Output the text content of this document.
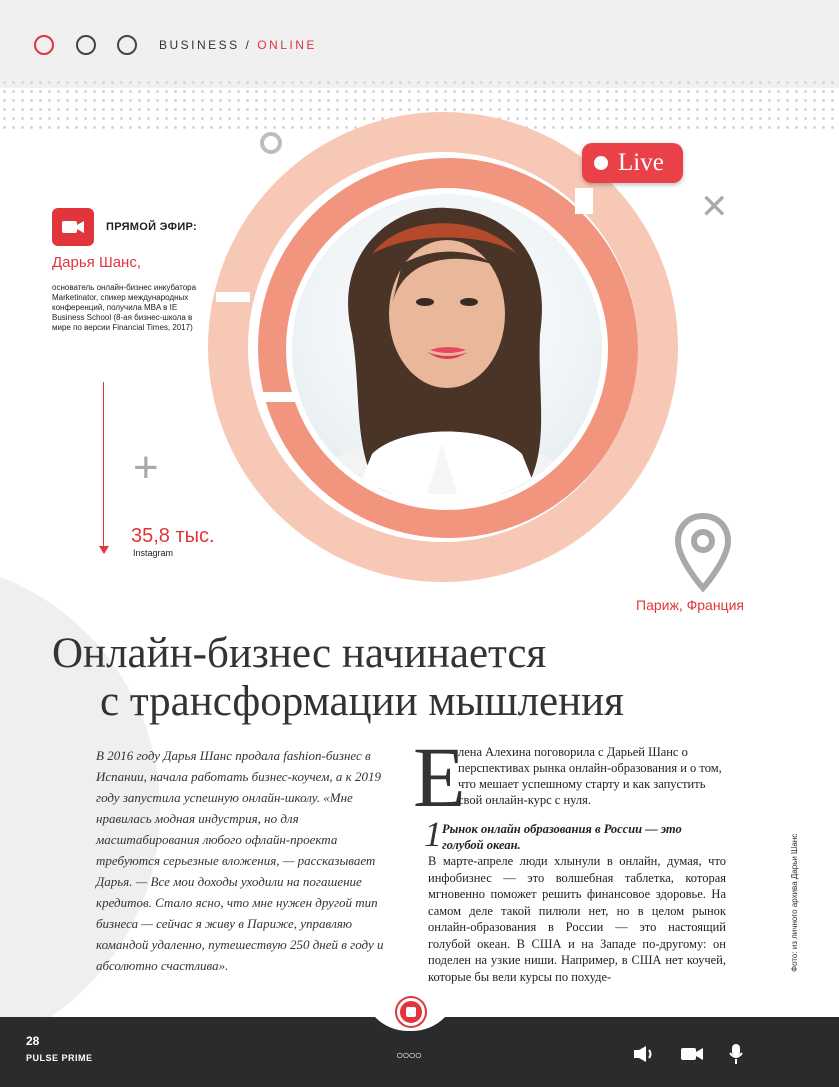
BUSINESS / ONLINE
✕
Live
ПРЯМОЙ ЭФИР:
Дарья Шанс,
основатель онлайн-бизнес инкубатора Marketinator, спикер международных конференций, получила MBA в IE Business School (8-ая бизнес-школа в мире по версии Financial Times, 2017)
+
35,8 тыс.
Instagram
Париж, Франция
Онлайн-бизнес начинается
с трансформации мышления
В 2016 году Дарья Шанс продала fashion-бизнес в Испании, начала работать бизнес-коучем, а к 2019 году запустила успешную онлайн-школу. «Мне нравилась модная индустрия, но для масштабирования любого офлайн-проекта требуются серьезные вложения, — рассказывает Дарья. — Все мои доходы уходили на погашение кредитов. Стало ясно, что мне нужен другой тип бизнеса — сейчас я живу в Париже, управляю командой удаленно, путешествую 250 дней в году и абсолютно счастлива».
Е
лена Алехина поговорила с Дарьей Шанс о перспективах рынка онлайн-образования и о том, что мешает успешному старту и как запустить свой онлайн-курс с нуля.
1 Рынок онлайн образования в России — это голубой океан.
В марте-апреле люди хлынули в онлайн, думая, что инфобизнес — это волшебная таблетка, которая мгновенно поможет решить финансовое здоровье. На самом деле такой пилюли нет, но в целом рынок онлайн-образования в России — это настоящий голубой океан. В США и на Западе по-другому: он поделен на узкие ниши. Например, в США нет коучей, которые бы вели курсы по похуде-
Фото: из личного архива Дарьи Шанс
28
PULSE PRIME	○○○○
